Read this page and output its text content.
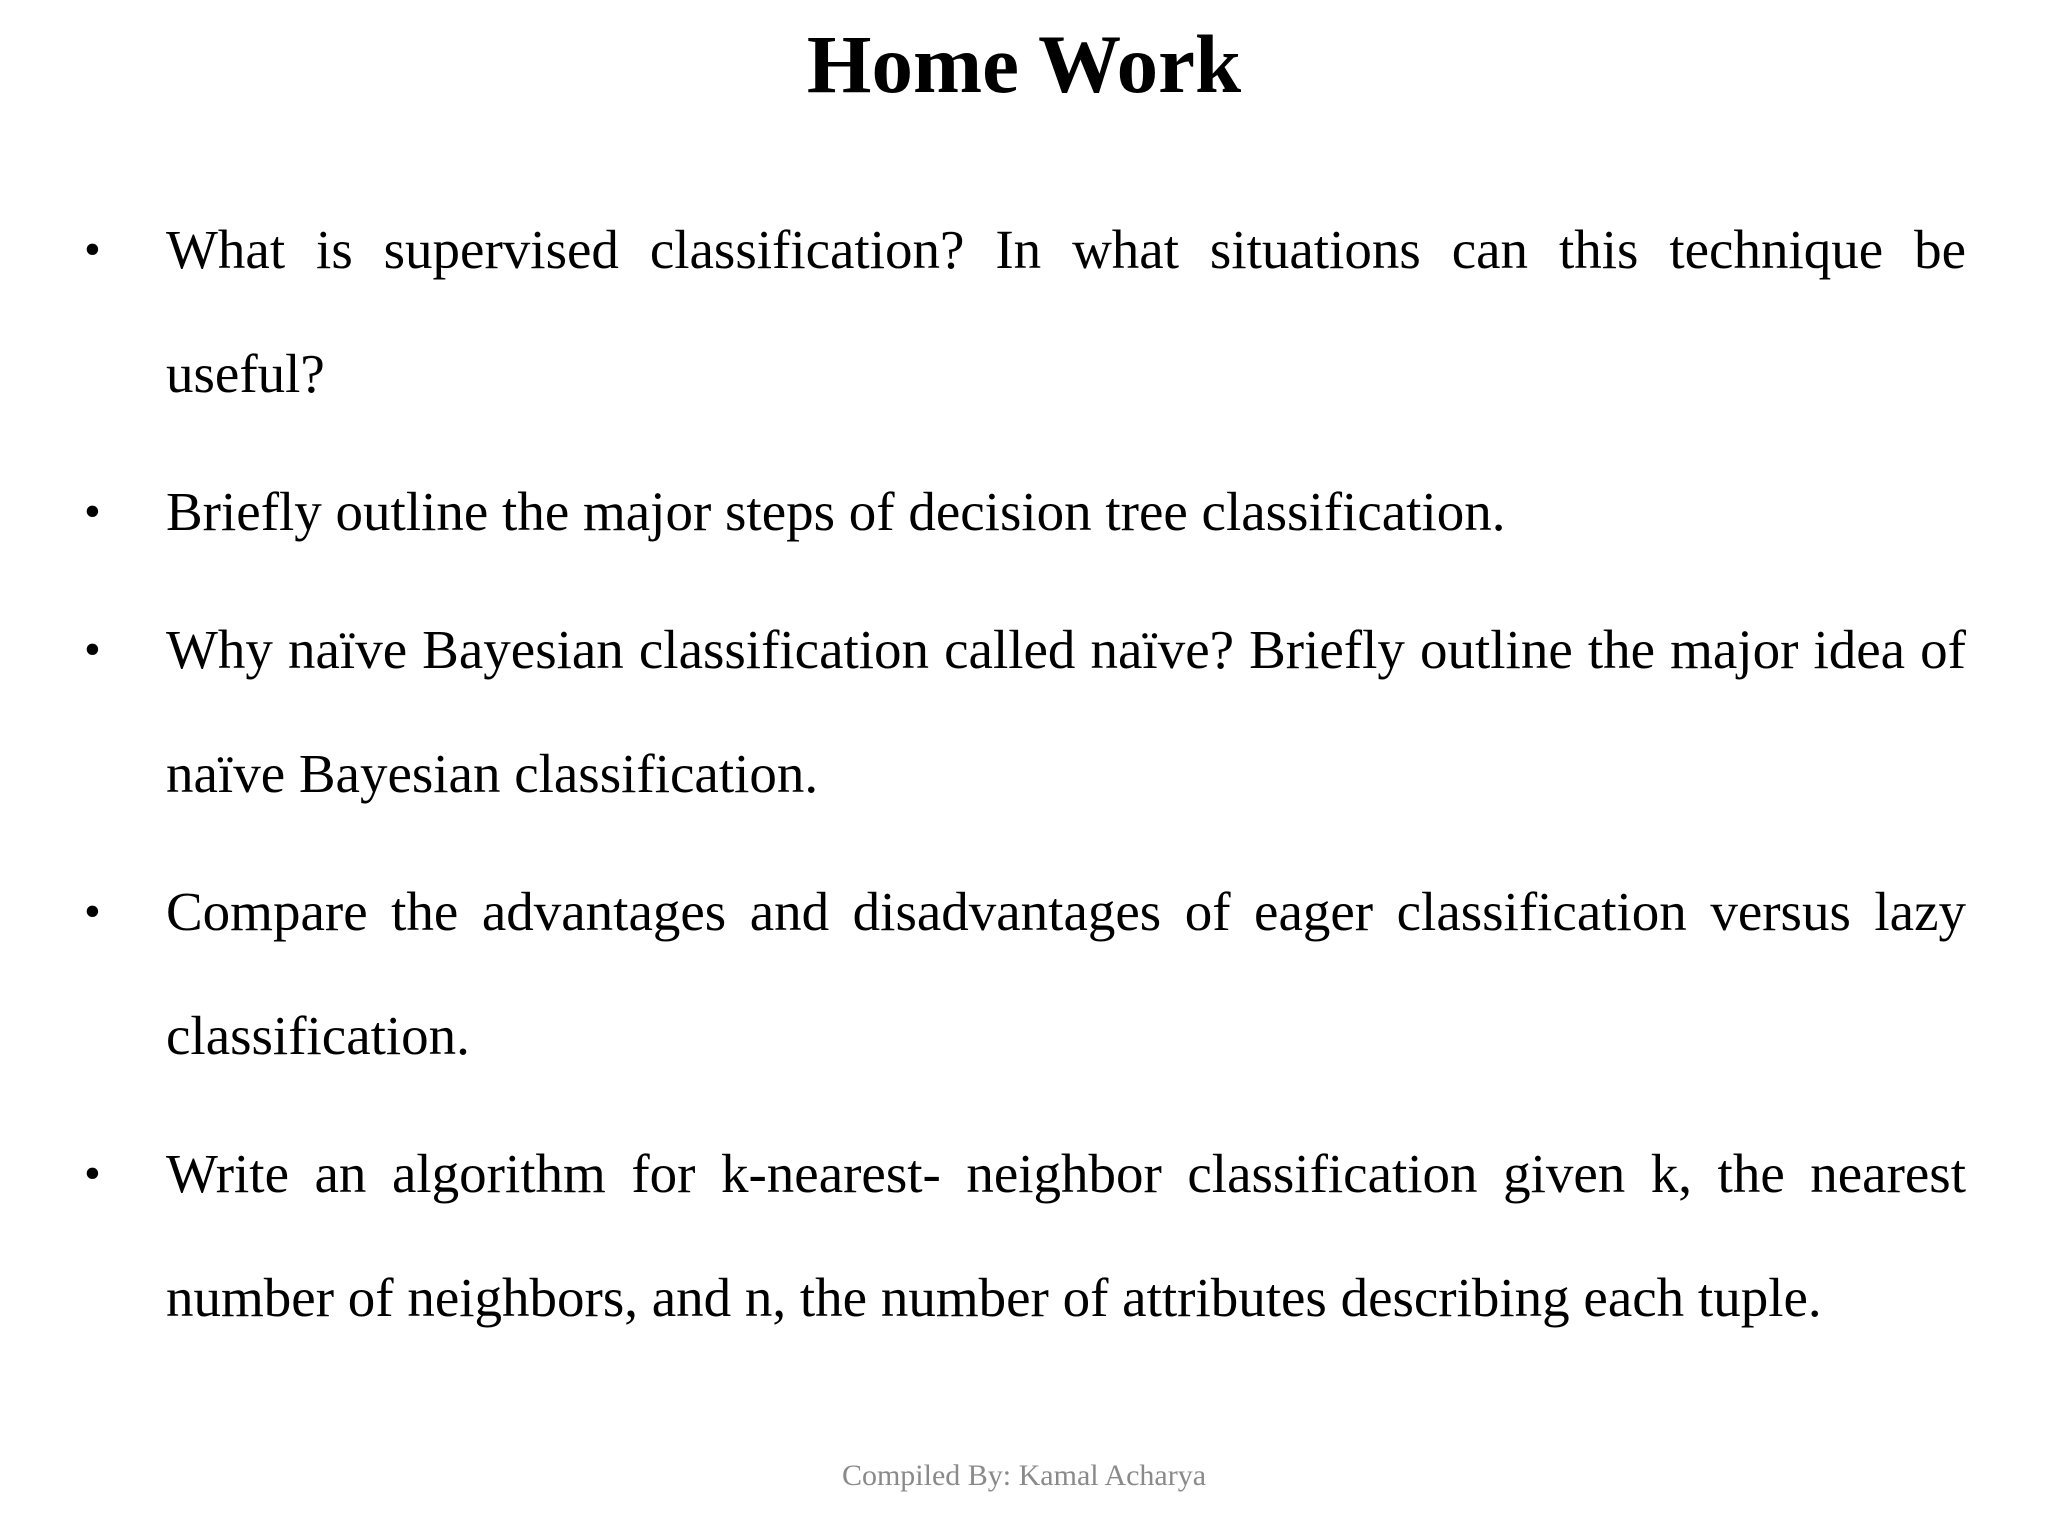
Home Work
• What is supervised classification? In what situations can this technique be useful?
• Briefly outline the major steps of decision tree classification.
• Why naïve Bayesian classification called naïve? Briefly outline the major idea of naïve Bayesian classification.
• Compare the advantages and disadvantages of eager classification versus lazy classification.
• Write an algorithm for k-nearest- neighbor classification given k, the nearest number of neighbors, and n, the number of attributes describing each tuple.
Compiled By: Kamal Acharya
